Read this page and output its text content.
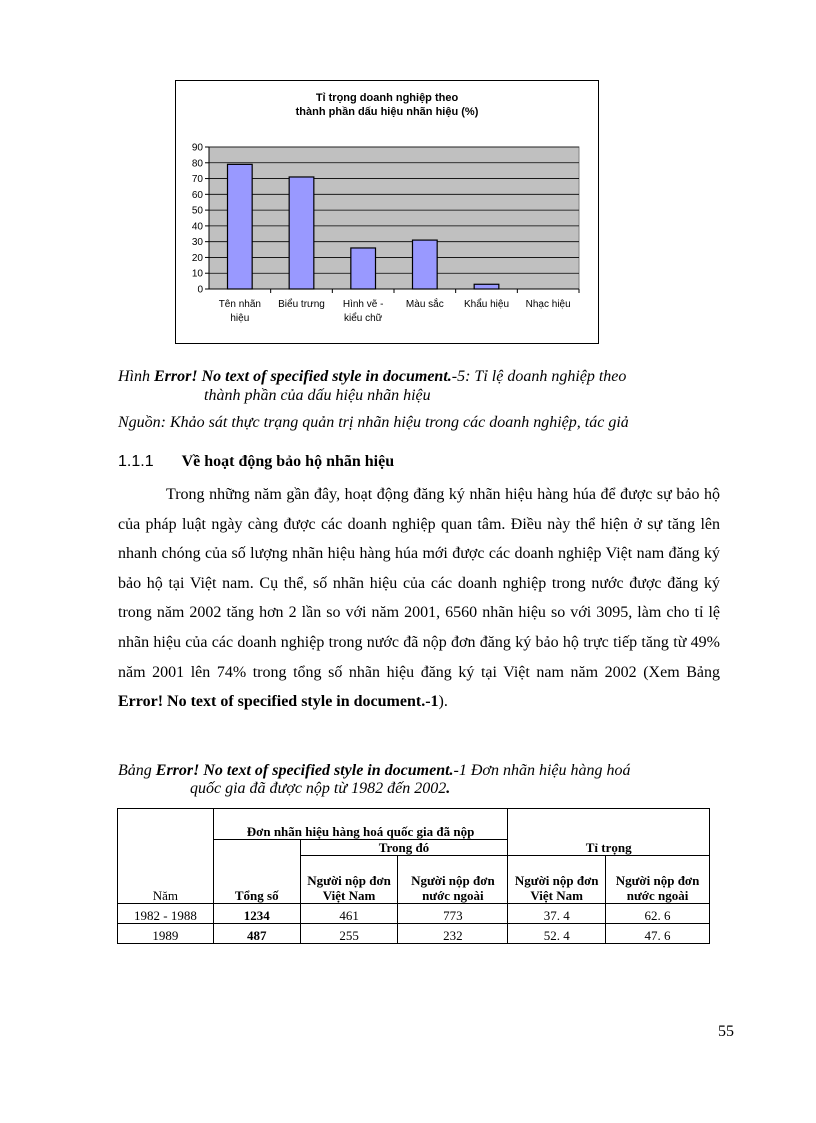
Tỉ trọng doanh nghiệp theo
thành phần dấu hiệu nhãn hiệu (%)
0
10
20
30
40
50
60
70
80
90
Tên nhãn
hiệu
Biểu trưng Hình vẽ -
kiểu chữ
Màu sắc Khẩu hiệu Nhạc hiệu
Hình Error! No text of specified style in document.-5: Tỉ lệ doanh nghiệp theo
thành phần của dấu hiệu nhãn hiệu
Nguồn: Khảo sát thực trạng quản trị nhãn hiệu trong các doanh nghiệp, tác giả
1.1.1 Về hoạt động bảo hộ nhãn hiệu
Trong những năm gần đây, hoạt động đăng ký nhãn hiệu hàng húa để được sự bảo hộ của pháp luật ngày càng được các doanh nghiệp quan tâm. Điều này thể hiện ở sự tăng lên nhanh chóng của số lượng nhãn hiệu hàng húa mới được các doanh nghiệp Việt nam đăng ký bảo hộ tại Việt nam. Cụ thể, số nhãn hiệu của các doanh nghiệp trong nước được đăng ký trong năm 2002 tăng hơn 2 lần so với năm 2001, 6560 nhãn hiệu so với 3095, làm cho tỉ lệ nhãn hiệu của các doanh nghiệp trong nước đã nộp đơn đăng ký bảo hộ trực tiếp tăng từ 49% năm 2001 lên 74% trong tổng số nhãn hiệu đăng ký tại Việt nam năm 2002 (Xem Bảng Error! No text of specified style in document.-1).
Bảng Error! No text of specified style in document.-1 Đơn nhãn hiệu hàng hoá
quốc gia đã được nộp từ 1982 đến 2002.
Năm	Đơn nhãn hiệu hàng hoá quốc gia đã nộp			Tỉ trọng	
	Tổng số	Trong đó			
		Người nộp đơn Việt Nam	Người nộp đơn nước ngoài	Người nộp đơn Việt Nam	Người nộp đơn nước ngoài
1982 - 1988	1234	461	773	37. 4	62. 6
1989	487	255	232	52. 4	47. 6
55
